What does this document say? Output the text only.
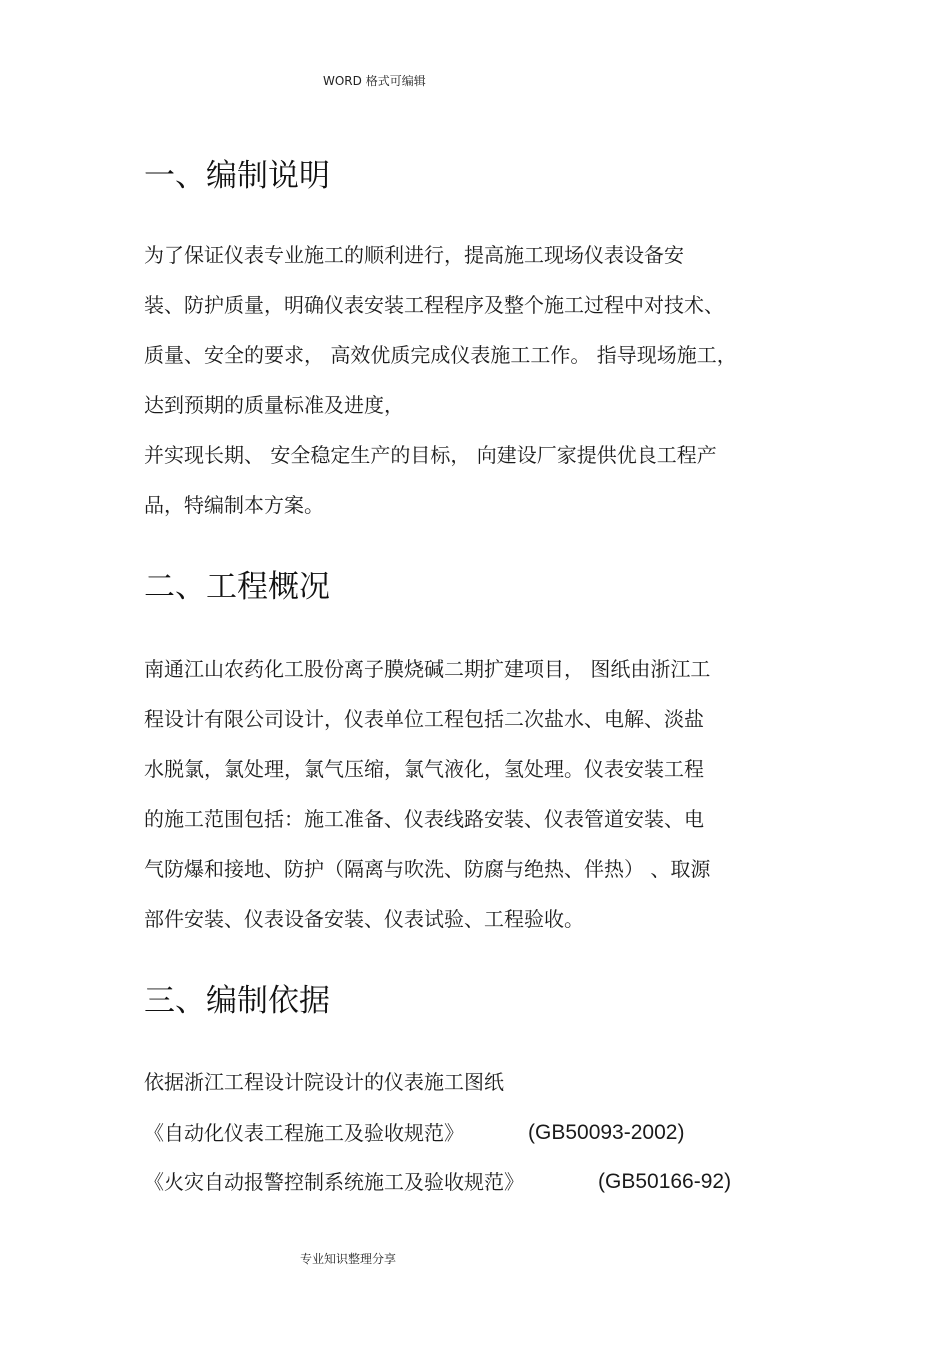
WORD 格式可编辑
一、编制说明

为了保证仪表专业施工的顺利进行，提高施工现场仪表设备安

装、防护质量，明确仪表安装工程程序及整个施工过程中对技术、

质量、安全的要求， 高效优质完成仪表施工工作。 指导现场施工，

达到预期的质量标准及进度，

并实现长期、 安全稳定生产的目标， 向建设厂家提供优良工程产

品，特编制本方案。

二、工程概况

南通江山农药化工股份离子膜烧碱二期扩建项目， 图纸由浙江工

程设计有限公司设计，仪表单位工程包括二次盐水、电解、淡盐

水脱氯，氯处理，氯气压缩，氯气液化，氢处理。仪表安装工程

的施工范围包括：施工准备、仪表线路安装、仪表管道安装、电

气防爆和接地、防护（隔离与吹洗、防腐与绝热、伴热） 、取源

部件安装、仪表设备安装、仪表试验、工程验收。

三、编制依据

依据浙江工程设计院设计的仪表施工图纸

《自动化仪表工程施工及验收规范》	(GB50093-2002)
《火灾自动报警控制系统施工及验收规范》	(GB50166-92)
专业知识整理分享
